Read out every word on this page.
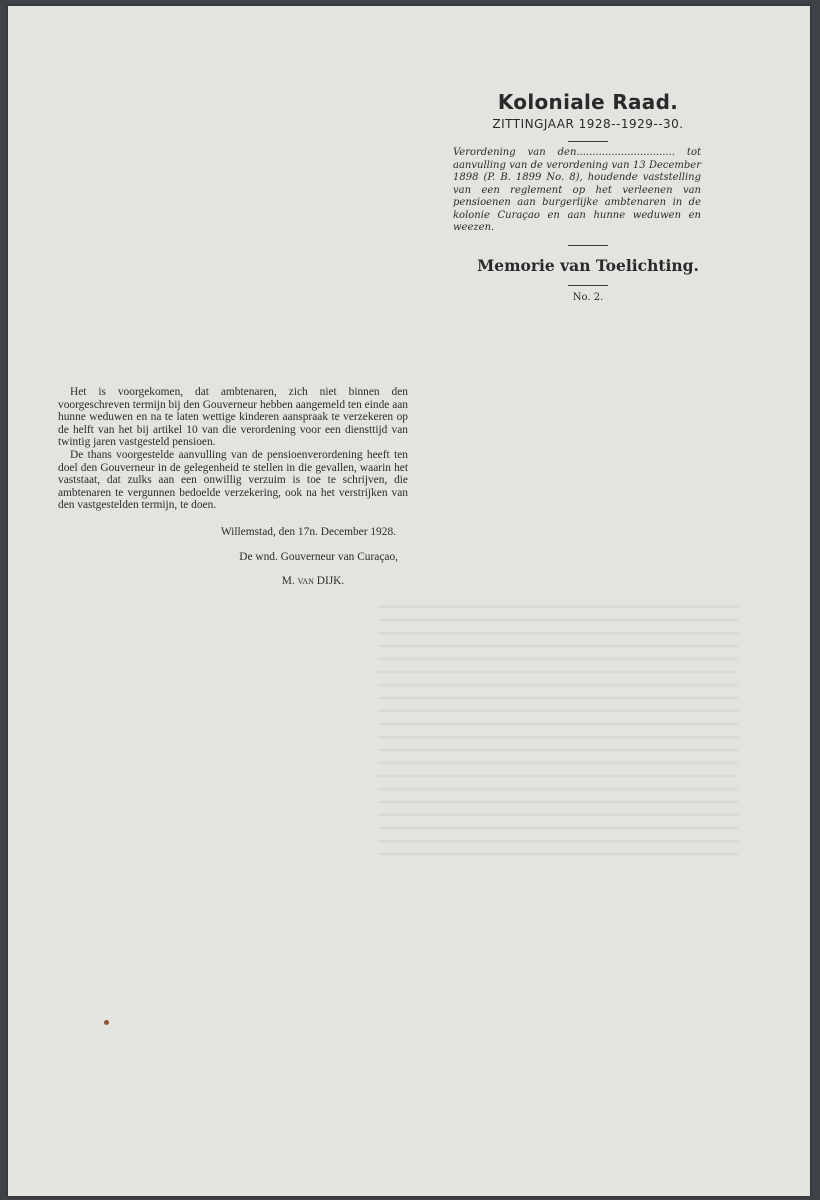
Koloniale Raad.
ZITTINGJAAR 1928--1929--30.

Verordening van den............................... tot aanvulling van de verordening van 13 December 1898 (P. B. 1899 No. 8), houdende vaststelling van een reglement op het verleenen van pensioenen aan burgerlijke ambtenaren in de kolonie Curaçao en aan hunne weduwen en weezen.

Memorie van Toelichting.
No. 2.

Het is voorgekomen, dat ambtenaren, zich niet binnen den voorgeschreven termijn bij den Gouverneur hebben aangemeld ten einde aan hunne weduwen en na te laten wettige kinderen aanspraak te verzekeren op de helft van het bij artikel 10 van die verordening voor een diensttijd van twintig jaren vastgesteld pensioen.

De thans voorgestelde aanvulling van de pensioenverordening heeft ten doel den Gouverneur in de gelegenheid te stellen in die gevallen, waarin het vaststaat, dat zulks aan een onwillig verzuim is toe te schrijven, die ambtenaren te vergunnen bedoelde verzekering, ook na het verstrijken van den vastgestelden termijn, te doen.

Willemstad, den 17n. December 1928.
De wnd. Gouverneur van Curaçao,
M. van DIJK.
